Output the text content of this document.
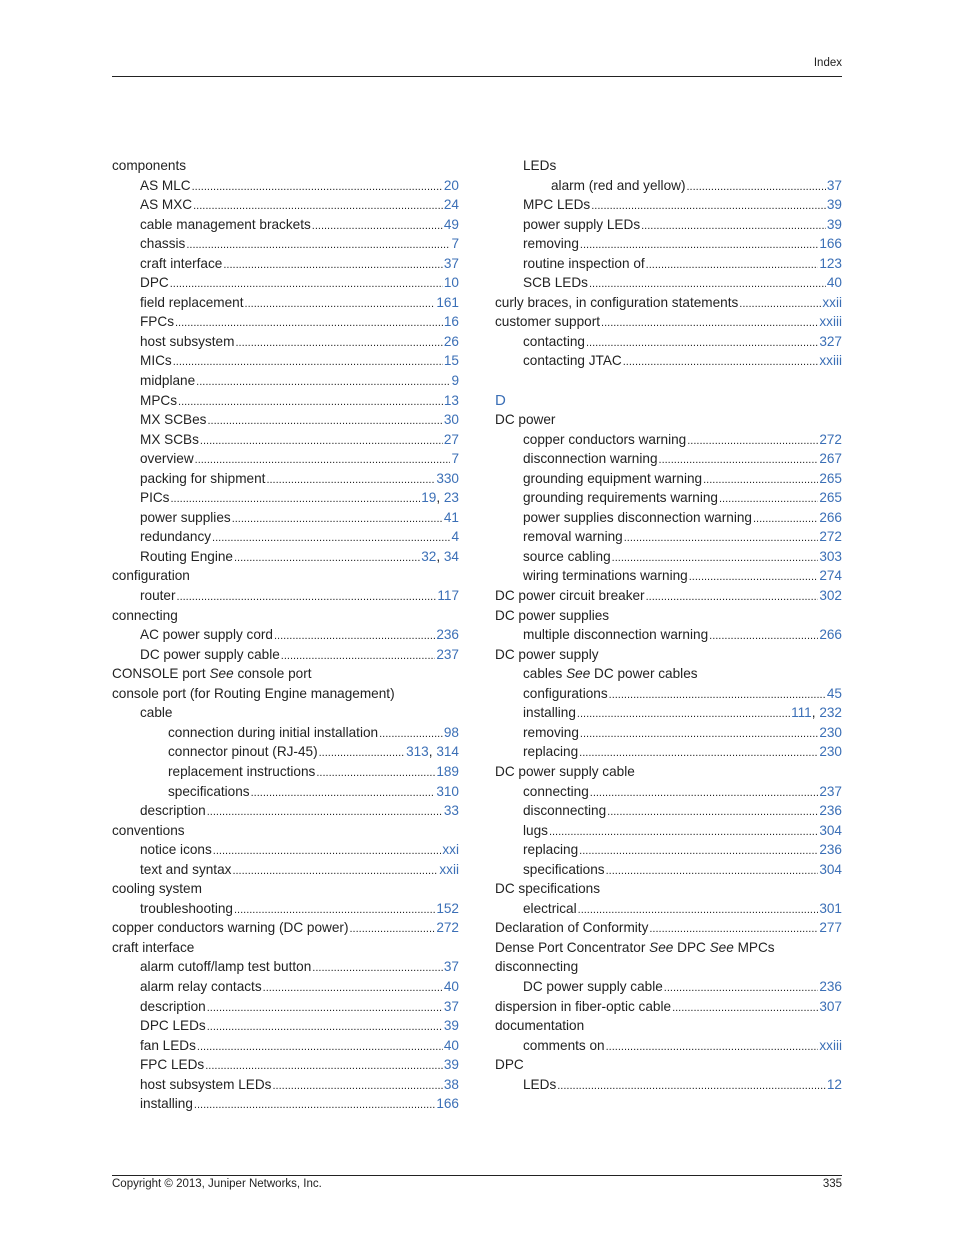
Index
components
AS MLC .....	20
AS MXC .....	24
cable management brackets .....	49
chassis .....	7
craft interface .....	37
DPC .....	10
field replacement .....	161
FPCs .....	16
host subsystem .....	26
MICs .....	15
midplane .....	9
MPCs .....	13
MX SCBes .....	30
MX SCBs .....	27
overview .....	7
packing for shipment .....	330
PICs .....	19, 23
power supplies .....	41
redundancy .....	4
Routing Engine .....	32, 34
configuration
router .....	117
connecting
AC power supply cord .....	236
DC power supply cable .....	237
CONSOLE port See console port
console port (for Routing Engine management)
cable
connection during initial installation .....	98
connector pinout (RJ-45) .....	313, 314
replacement instructions .....	189
specifications .....	310
description .....	33
conventions
notice icons .....	xxi
text and syntax .....	xxii
cooling system
troubleshooting .....	152
copper conductors warning (DC power) .....	272
craft interface
alarm cutoff/lamp test button .....	37
alarm relay contacts .....	40
description .....	37
DPC LEDs .....	39
fan LEDs .....	40
FPC LEDs .....	39
host subsystem LEDs .....	38
installing .....	166
LEDs
alarm (red and yellow) .....	37
MPC LEDs .....	39
power supply LEDs .....	39
removing .....	166
routine inspection of .....	123
SCB LEDs .....	40
curly braces, in configuration statements .....	xxii
customer support .....	xxiii
contacting .....	327
contacting JTAC .....	xxiii
D
DC power
copper conductors warning .....	272
disconnection warning .....	267
grounding equipment warning .....	265
grounding requirements warning .....	265
power supplies disconnection warning .....	266
removal warning .....	272
source cabling .....	303
wiring terminations warning .....	274
DC power circuit breaker .....	302
DC power supplies
multiple disconnection warning .....	266
DC power supply
cables See DC power cables
configurations .....	45
installing .....	111, 232
removing .....	230
replacing .....	230
DC power supply cable
connecting .....	237
disconnecting .....	236
lugs .....	304
replacing .....	236
specifications .....	304
DC specifications
electrical .....	301
Declaration of Conformity .....	277
Dense Port Concentrator See DPC See MPCs
disconnecting
DC power supply cable .....	236
dispersion in fiber-optic cable .....	307
documentation
comments on .....	xxiii
DPC
LEDs .....	12
Copyright © 2013, Juniper Networks, Inc.	335
